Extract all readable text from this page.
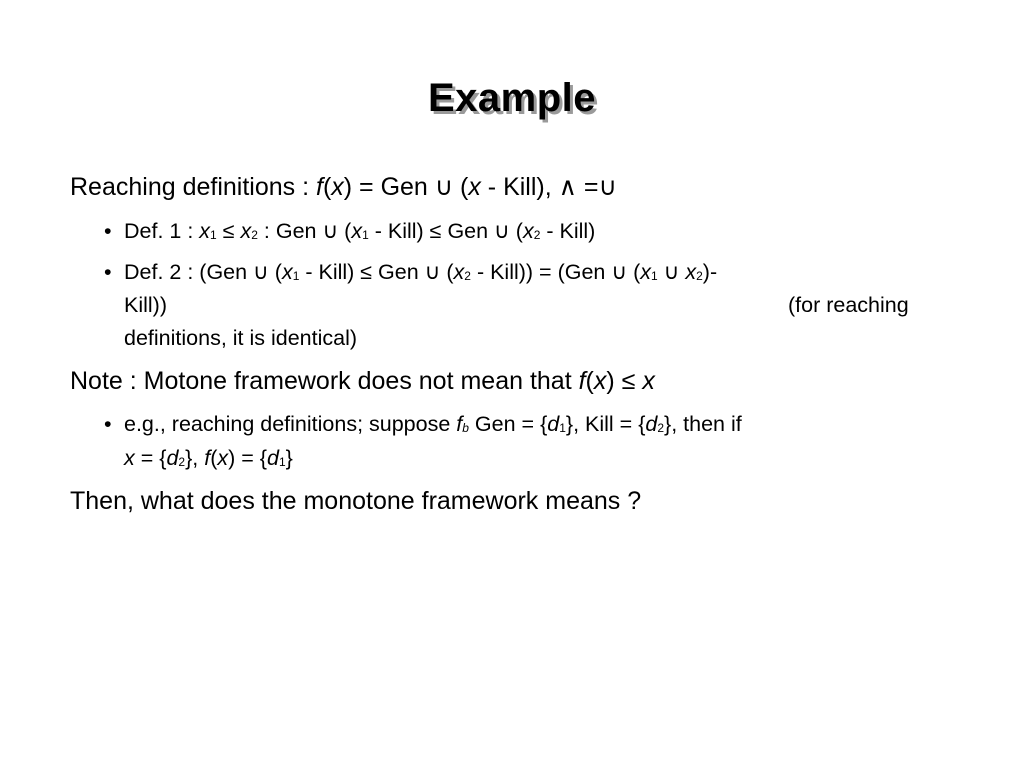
Example
Reaching definitions : f(x) = Gen ∪ (x - Kill), ∧ =∪
• Def. 1 : x1 ≤ x2 : Gen ∪ (x1 - Kill) ≤ Gen ∪ (x2 - Kill)
• Def. 2 : (Gen ∪ (x1 - Kill) ≤ Gen ∪ (x2 - Kill)) = (Gen ∪ (x1 ∪ x2)-
Kill))	(for reaching
definitions, it is identical)
Note : Motone framework does not mean that f(x) ≤ x
• e.g., reaching definitions; suppose fb Gen = {d1}, Kill = {d2}, then if
x = {d2}, f(x) = {d1}
Then, what does the monotone framework means ?
